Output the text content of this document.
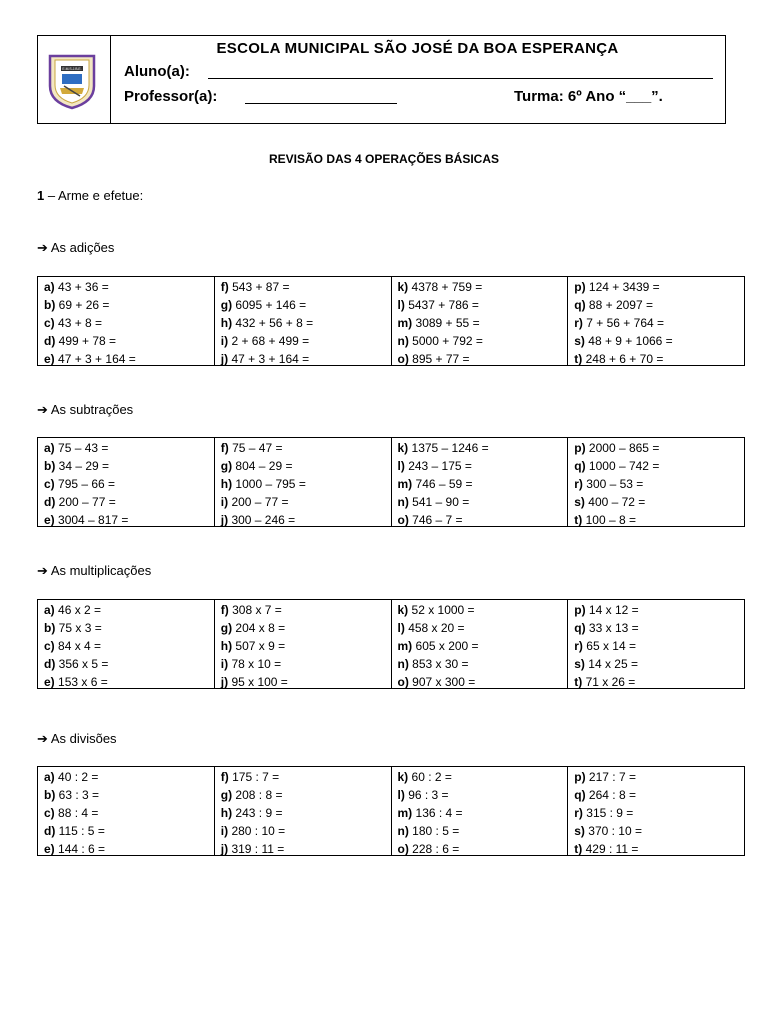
E.M.S.J.B.E.
ESCOLA MUNICIPAL SÃO JOSÉ DA BOA ESPERANÇA
Aluno(a):
Professor(a):	Turma: 6º Ano “___”.
REVISÃO DAS 4 OPERAÇÕES BÁSICAS
1 – Arme e efetue:
➔ As adições
a) 43 + 36 =
b) 69 + 26 =
c) 43 + 8 =
d) 499 + 78 =
e) 47 + 3 + 164 =
f) 543 + 87 =
g) 6095 + 146 =
h) 432 + 56 + 8 =
i) 2 + 68 + 499 =
j) 47 + 3 + 164 =
k) 4378 + 759 =
l) 5437 + 786 =
m) 3089 + 55 =
n) 5000 + 792 =
o) 895 + 77 =
p) 124 + 3439 =
q) 88 + 2097 =
r) 7 + 56 + 764 =
s) 48 + 9 + 1066 =
t) 248 + 6 + 70 =
➔ As subtrações
a) 75 – 43 =
b) 34 – 29 =
c) 795 – 66 =
d) 200 – 77 =
e) 3004 – 817 =
f) 75 – 47 =
g) 804 – 29 =
h) 1000 – 795 =
i) 200 – 77 =
j) 300 – 246 =
k) 1375 – 1246 =
l) 243 – 175 =
m) 746 – 59 =
n) 541 – 90 =
o) 746 – 7 =
p) 2000 – 865 =
q) 1000 – 742 =
r) 300 – 53 =
s) 400 – 72 =
t) 100 – 8 =
➔ As multiplicações
a) 46 x 2 =
b) 75 x 3 =
c) 84 x 4 =
d) 356 x 5 =
e) 153 x 6 =
f) 308 x 7 =
g) 204 x 8 =
h) 507 x 9 =
i) 78 x 10 =
j) 95 x 100 =
k) 52 x 1000 =
l) 458 x 20 =
m) 605 x 200 =
n) 853 x 30 =
o) 907 x 300 =
p) 14 x 12 =
q) 33 x 13 =
r) 65 x 14 =
s) 14 x 25 =
t) 71 x 26 =
➔ As divisões
a) 40 : 2 =
b) 63 : 3 =
c) 88 : 4 =
d) 115 : 5 =
e) 144 : 6 =
f) 175 : 7 =
g) 208 : 8 =
h) 243 : 9 =
i) 280 : 10 =
j) 319 : 11 =
k) 60 : 2 =
l) 96 : 3 =
m) 136 : 4 =
n) 180 : 5 =
o) 228 : 6 =
p) 217 : 7 =
q) 264 : 8 =
r) 315 : 9 =
s) 370 : 10 =
t) 429 : 11 =
